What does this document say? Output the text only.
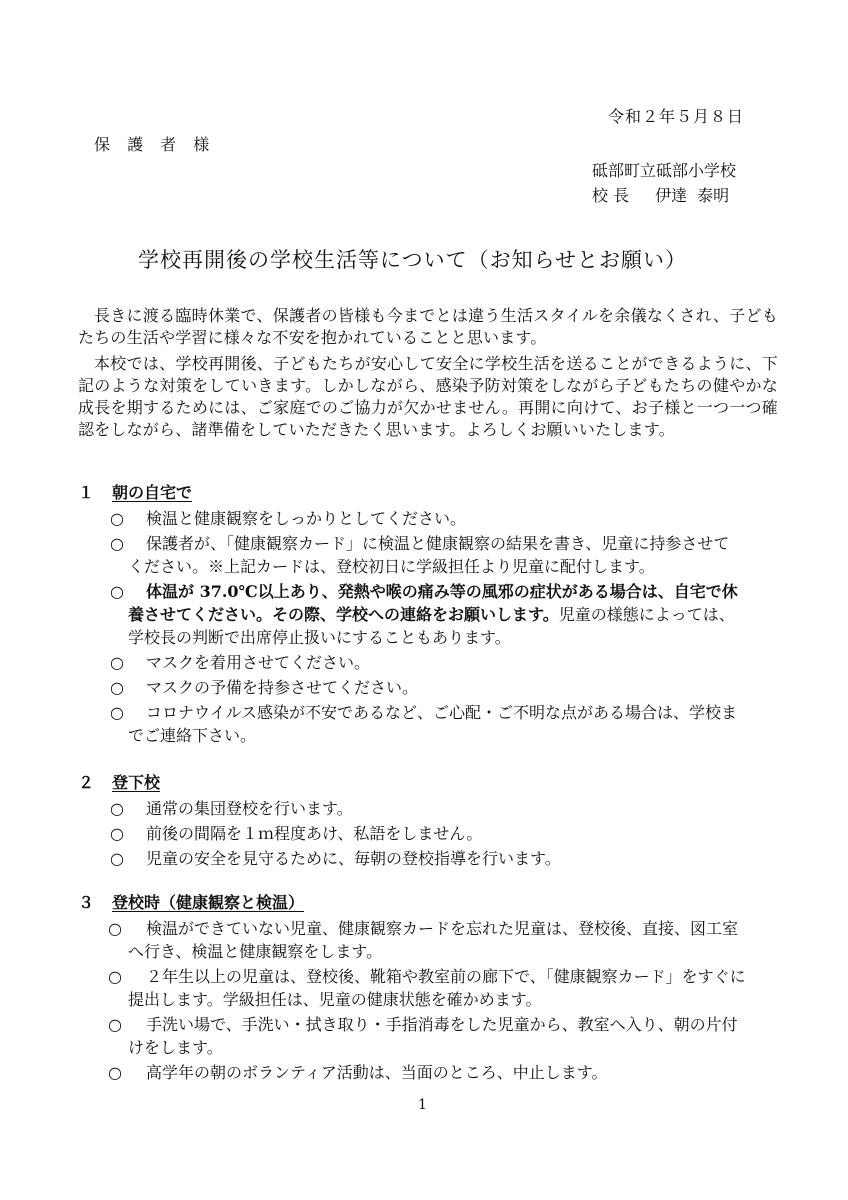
令和２年５月８日
保 護 者 様
砥部町立砥部小学校
校 長 伊達 泰明
学校再開後の学校生活等について（お知らせとお願い）

長きに渡る臨時休業で、保護者の皆様も今までとは違う生活スタイルを余儀なくされ、子どもたちの生活や学習に様々な不安を抱かれていることと思います。

本校では、学校再開後、子どもたちが安心して安全に学校生活を送ることができるように、下記のような対策をしていきます。しかしながら、感染予防対策をしながら子どもたちの健やかな成長を期するためには、ご家庭でのご協力が欠かせません。再開に向けて、お子様と一つ一つ確認をしながら、諸準備をしていただきたく思います。よろしくお願いいたします。

１ 朝の自宅で
○	検温と健康観察をしっかりとしてください。
○	保護者が、「健康観察カード」に検温と健康観察の結果を書き、児童に持参させて
ください。※上記カードは、登校初日に学級担任より児童に配付します。
○	体温が 37.0℃以上あり、発熱や喉の痛み等の風邪の症状がある場合は、自宅で休
養させてください。その際、学校への連絡をお願いします。児童の様態によっては、
学校長の判断で出席停止扱いにすることもあります。
○	マスクを着用させてください。
○	マスクの予備を持参させてください。
○	コロナウイルス感染が不安であるなど、ご心配・ご不明な点がある場合は、学校ま
でご連絡下さい。
２ 登下校
○	通常の集団登校を行います。
○	前後の間隔を１ｍ程度あけ、私語をしません。
○	児童の安全を見守るために、毎朝の登校指導を行います。
３ 登校時（健康観察と検温）
○	検温ができていない児童、健康観察カードを忘れた児童は、登校後、直接、図工室
へ行き、検温と健康観察をします。
○	２年生以上の児童は、登校後、靴箱や教室前の廊下で、「健康観察カード」をすぐに
提出します。学級担任は、児童の健康状態を確かめます。
○	手洗い場で、手洗い・拭き取り・手指消毒をした児童から、教室へ入り、朝の片付
けをします。
○	高学年の朝のボランティア活動は、当面のところ、中止します。
1
